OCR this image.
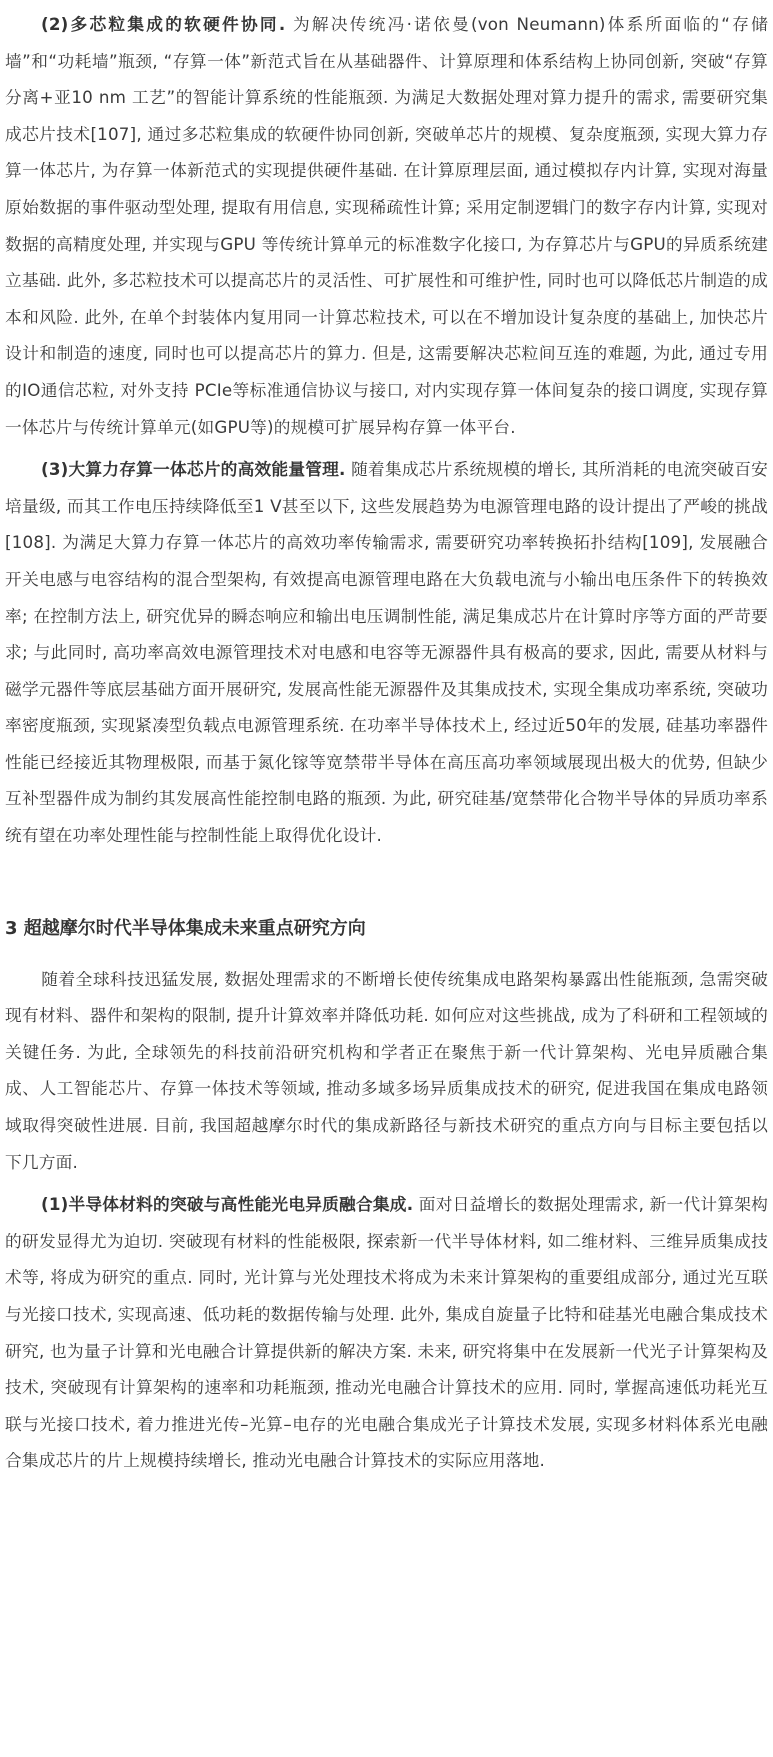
(2)多芯粒集成的软硬件协同. 为解决传统冯·诺依曼(von Neumann)体系所面临的“存储墙”和“功耗墙”瓶颈, “存算一体”新范式旨在从基础器件、计算原理和体系结构上协同创新, 突破“存算分离+亚10 nm 工艺”的智能计算系统的性能瓶颈. 为满足大数据处理对算力提升的需求, 需要研究集成芯片技术[107], 通过多芯粒集成的软硬件协同创新, 突破单芯片的规模、复杂度瓶颈, 实现大算力存算一体芯片, 为存算一体新范式的实现提供硬件基础. 在计算原理层面, 通过模拟存内计算, 实现对海量原始数据的事件驱动型处理, 提取有用信息, 实现稀疏性计算; 采用定制逻辑门的数字存内计算, 实现对数据的高精度处理, 并实现与GPU 等传统计算单元的标准数字化接口, 为存算芯片与GPU的异质系统建立基础. 此外, 多芯粒技术可以提高芯片的灵活性、可扩展性和可维护性, 同时也可以降低芯片制造的成本和风险. 此外, 在单个封装体内复用同一计算芯粒技术, 可以在不增加设计复杂度的基础上, 加快芯片设计和制造的速度, 同时也可以提高芯片的算力. 但是, 这需要解决芯粒间互连的难题, 为此, 通过专用的IO通信芯粒, 对外支持 PCIe等标准通信协议与接口, 对内实现存算一体间复杂的接口调度, 实现存算一体芯片与传统计算单元(如GPU等)的规模可扩展异构存算一体平台.

(3)大算力存算一体芯片的高效能量管理. 随着集成芯片系统规模的增长, 其所消耗的电流突破百安培量级, 而其工作电压持续降低至1 V甚至以下, 这些发展趋势为电源管理电路的设计提出了严峻的挑战[108]. 为满足大算力存算一体芯片的高效功率传输需求, 需要研究功率转换拓扑结构[109], 发展融合开关电感与电容结构的混合型架构, 有效提高电源管理电路在大负载电流与小输出电压条件下的转换效率; 在控制方法上, 研究优异的瞬态响应和输出电压调制性能, 满足集成芯片在计算时序等方面的严苛要求; 与此同时, 高功率高效电源管理技术对电感和电容等无源器件具有极高的要求, 因此, 需要从材料与磁学元器件等底层基础方面开展研究, 发展高性能无源器件及其集成技术, 实现全集成功率系统, 突破功率密度瓶颈, 实现紧凑型负载点电源管理系统. 在功率半导体技术上, 经过近50年的发展, 硅基功率器件性能已经接近其物理极限, 而基于氮化镓等宽禁带半导体在高压高功率领域展现出极大的优势, 但缺少互补型器件成为制约其发展高性能控制电路的瓶颈. 为此, 研究硅基/宽禁带化合物半导体的异质功率系统有望在功率处理性能与控制性能上取得优化设计.

3 超越摩尔时代半导体集成未来重点研究方向

随着全球科技迅猛发展, 数据处理需求的不断增长使传统集成电路架构暴露出性能瓶颈, 急需突破现有材料、器件和架构的限制, 提升计算效率并降低功耗. 如何应对这些挑战, 成为了科研和工程领域的关键任务. 为此, 全球领先的科技前沿研究机构和学者正在聚焦于新一代计算架构、光电异质融合集成、人工智能芯片、存算一体技术等领域, 推动多域多场异质集成技术的研究, 促进我国在集成电路领域取得突破性进展. 目前, 我国超越摩尔时代的集成新路径与新技术研究的重点方向与目标主要包括以下几方面.

(1)半导体材料的突破与高性能光电异质融合集成. 面对日益增长的数据处理需求, 新一代计算架构的研发显得尤为迫切. 突破现有材料的性能极限, 探索新一代半导体材料, 如二维材料、三维异质集成技术等, 将成为研究的重点. 同时, 光计算与光处理技术将成为未来计算架构的重要组成部分, 通过光互联与光接口技术, 实现高速、低功耗的数据传输与处理. 此外, 集成自旋量子比特和硅基光电融合集成技术研究, 也为量子计算和光电融合计算提供新的解决方案. 未来, 研究将集中在发展新一代光子计算架构及技术, 突破现有计算架构的速率和功耗瓶颈, 推动光电融合计算技术的应用. 同时, 掌握高速低功耗光互联与光接口技术, 着力推进光传–光算–电存的光电融合集成光子计算技术发展, 实现多材料体系光电融合集成芯片的片上规模持续增长, 推动光电融合计算技术的实际应用落地.
